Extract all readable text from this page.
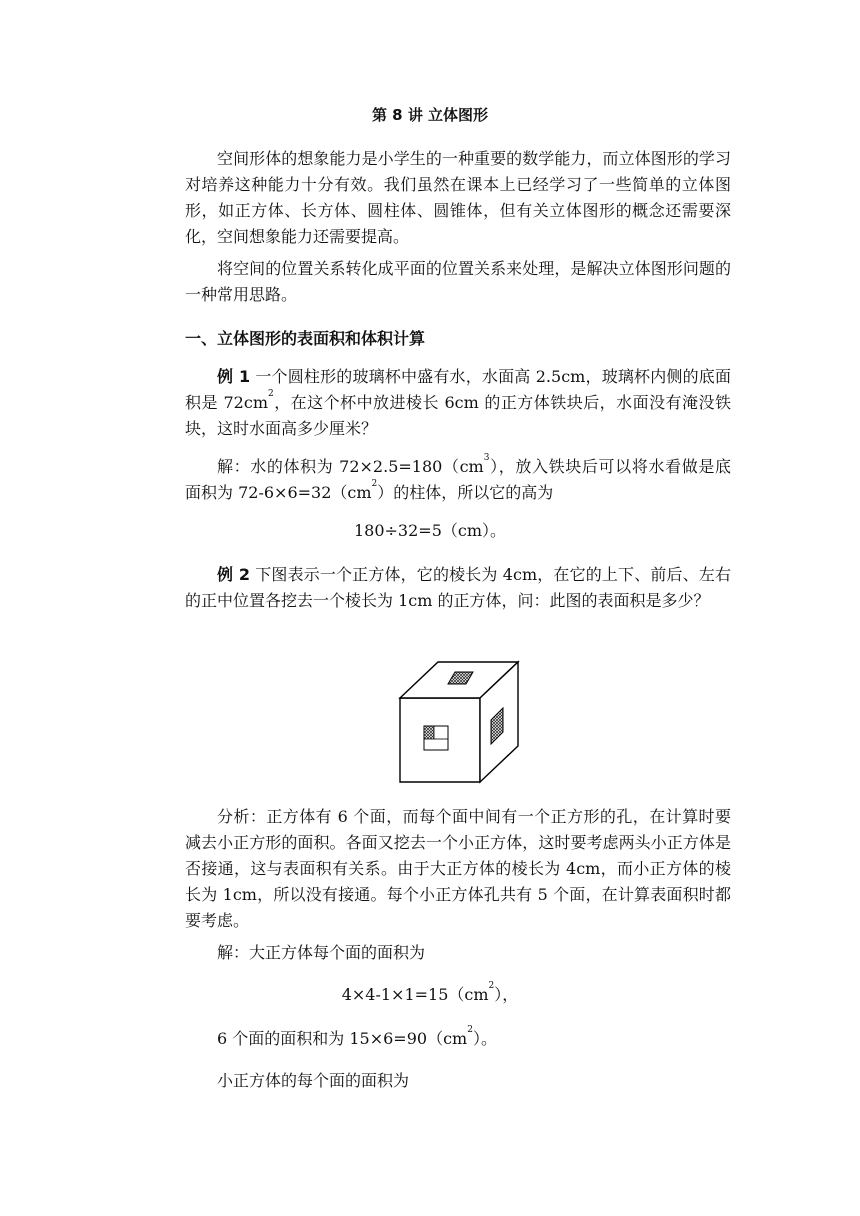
第 8 讲 立体图形
空间形体的想象能力是小学生的一种重要的数学能力，而立体图形的学习对培养这种能力十分有效。我们虽然在课本上已经学习了一些简单的立体图形，如正方体、长方体、圆柱体、圆锥体，但有关立体图形的概念还需要深化，空间想象能力还需要提高。
将空间的位置关系转化成平面的位置关系来处理，是解决立体图形问题的一种常用思路。
一、立体图形的表面积和体积计算
例 1 一个圆柱形的玻璃杯中盛有水，水面高 2.5cm，玻璃杯内侧的底面积是 $72cm^2$，在这个杯中放进棱长 6cm 的正方体铁块后，水面没有淹没铁块，这时水面高多少厘米？
解：水的体积为 $72\times 2.5=180(cm^3)$，放入铁块后可以将水看做是底面积为 $72-6\times 6=32(cm^2)$的柱体，所以它的高为
180÷32=5（cm）。
例 2 下图表示一个正方体，它的棱长为 4cm，在它的上下、前后、左右的正中位置各挖去一个棱长为 1cm 的正方体，问：此图的表面积是多少？
分析：正方体有 6 个面，而每个面中间有一个正方形的孔，在计算时要减去小正方形的面积。各面又挖去一个小正方体，这时要考虑两头小正方体是否接通，这与表面积有关系。由于大正方体的棱长为 4cm，而小正方体的棱长为 1cm，所以没有接通。每个小正方体孔共有 5 个面，在计算表面积时都要考虑。
解：大正方体每个面的面积为
$4\times 4-1\times 1=15(cm^2)$，
6 个面的面积和为 $15\times 6=90(cm^2)$。
小正方体的每个面的面积为
